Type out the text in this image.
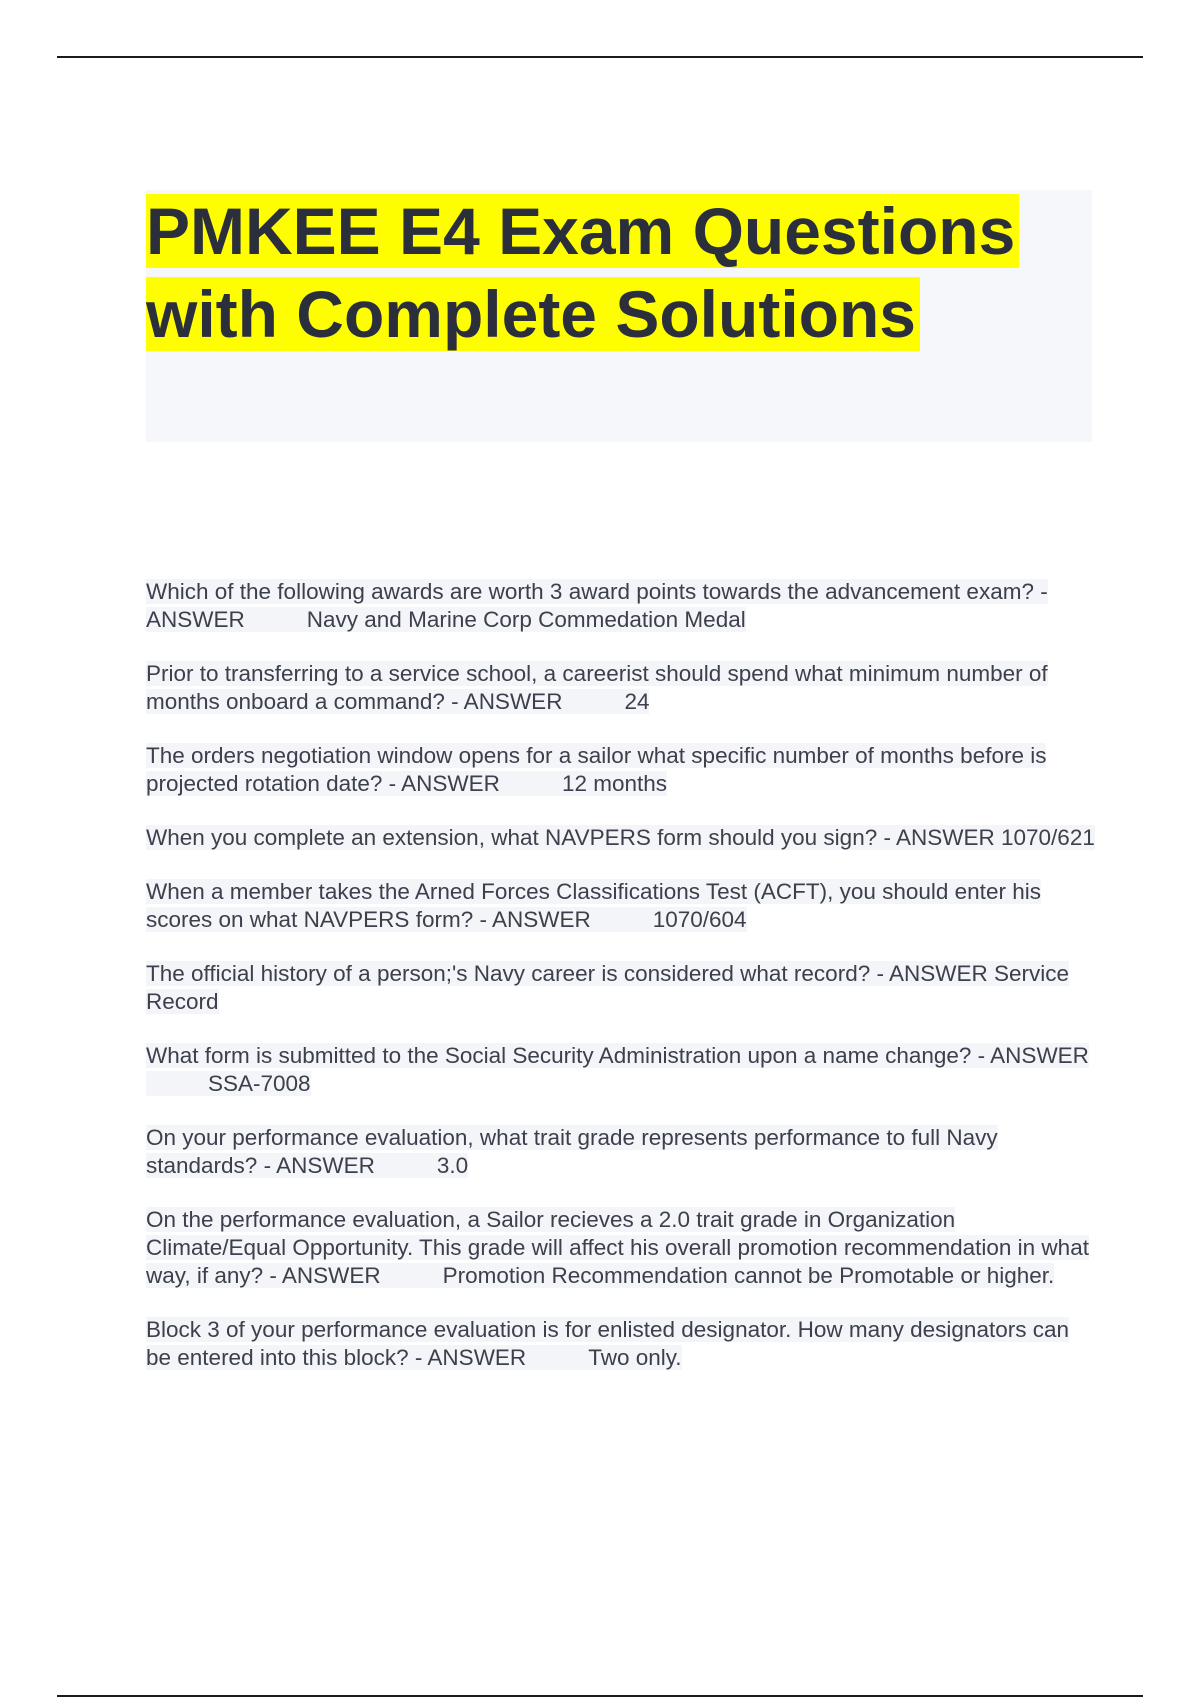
PMKEE E4 Exam Questions with Complete Solutions

Which of the following awards are worth 3 award points towards the advancement exam? - ANSWER	Navy and Marine Corp Commedation Medal

Prior to transferring to a service school, a careerist should spend what minimum number of months onboard a command? - ANSWER	24

The orders negotiation window opens for a sailor what specific number of months before is projected rotation date? - ANSWER	12 months

When you complete an extension, what NAVPERS form should you sign? - ANSWER 1070/621

When a member takes the Arned Forces Classifications Test (ACFT), you should enter his scores on what NAVPERS form? - ANSWER	1070/604

The official history of a person;'s Navy career is considered what record? - ANSWER Service Record

What form is submitted to the Social Security Administration upon a name change? - ANSWERSSA-7008

On your performance evaluation, what trait grade represents performance to full Navy standards? - ANSWER	3.0

On the performance evaluation, a Sailor recieves a 2.0 trait grade in Organization Climate/Equal Opportunity. This grade will affect his overall promotion recommendation in what way, if any? - ANSWER	Promotion Recommendation cannot be Promotable or higher.

Block 3 of your performance evaluation is for enlisted designator. How many designators can be entered into this block? - ANSWER	Two only.
